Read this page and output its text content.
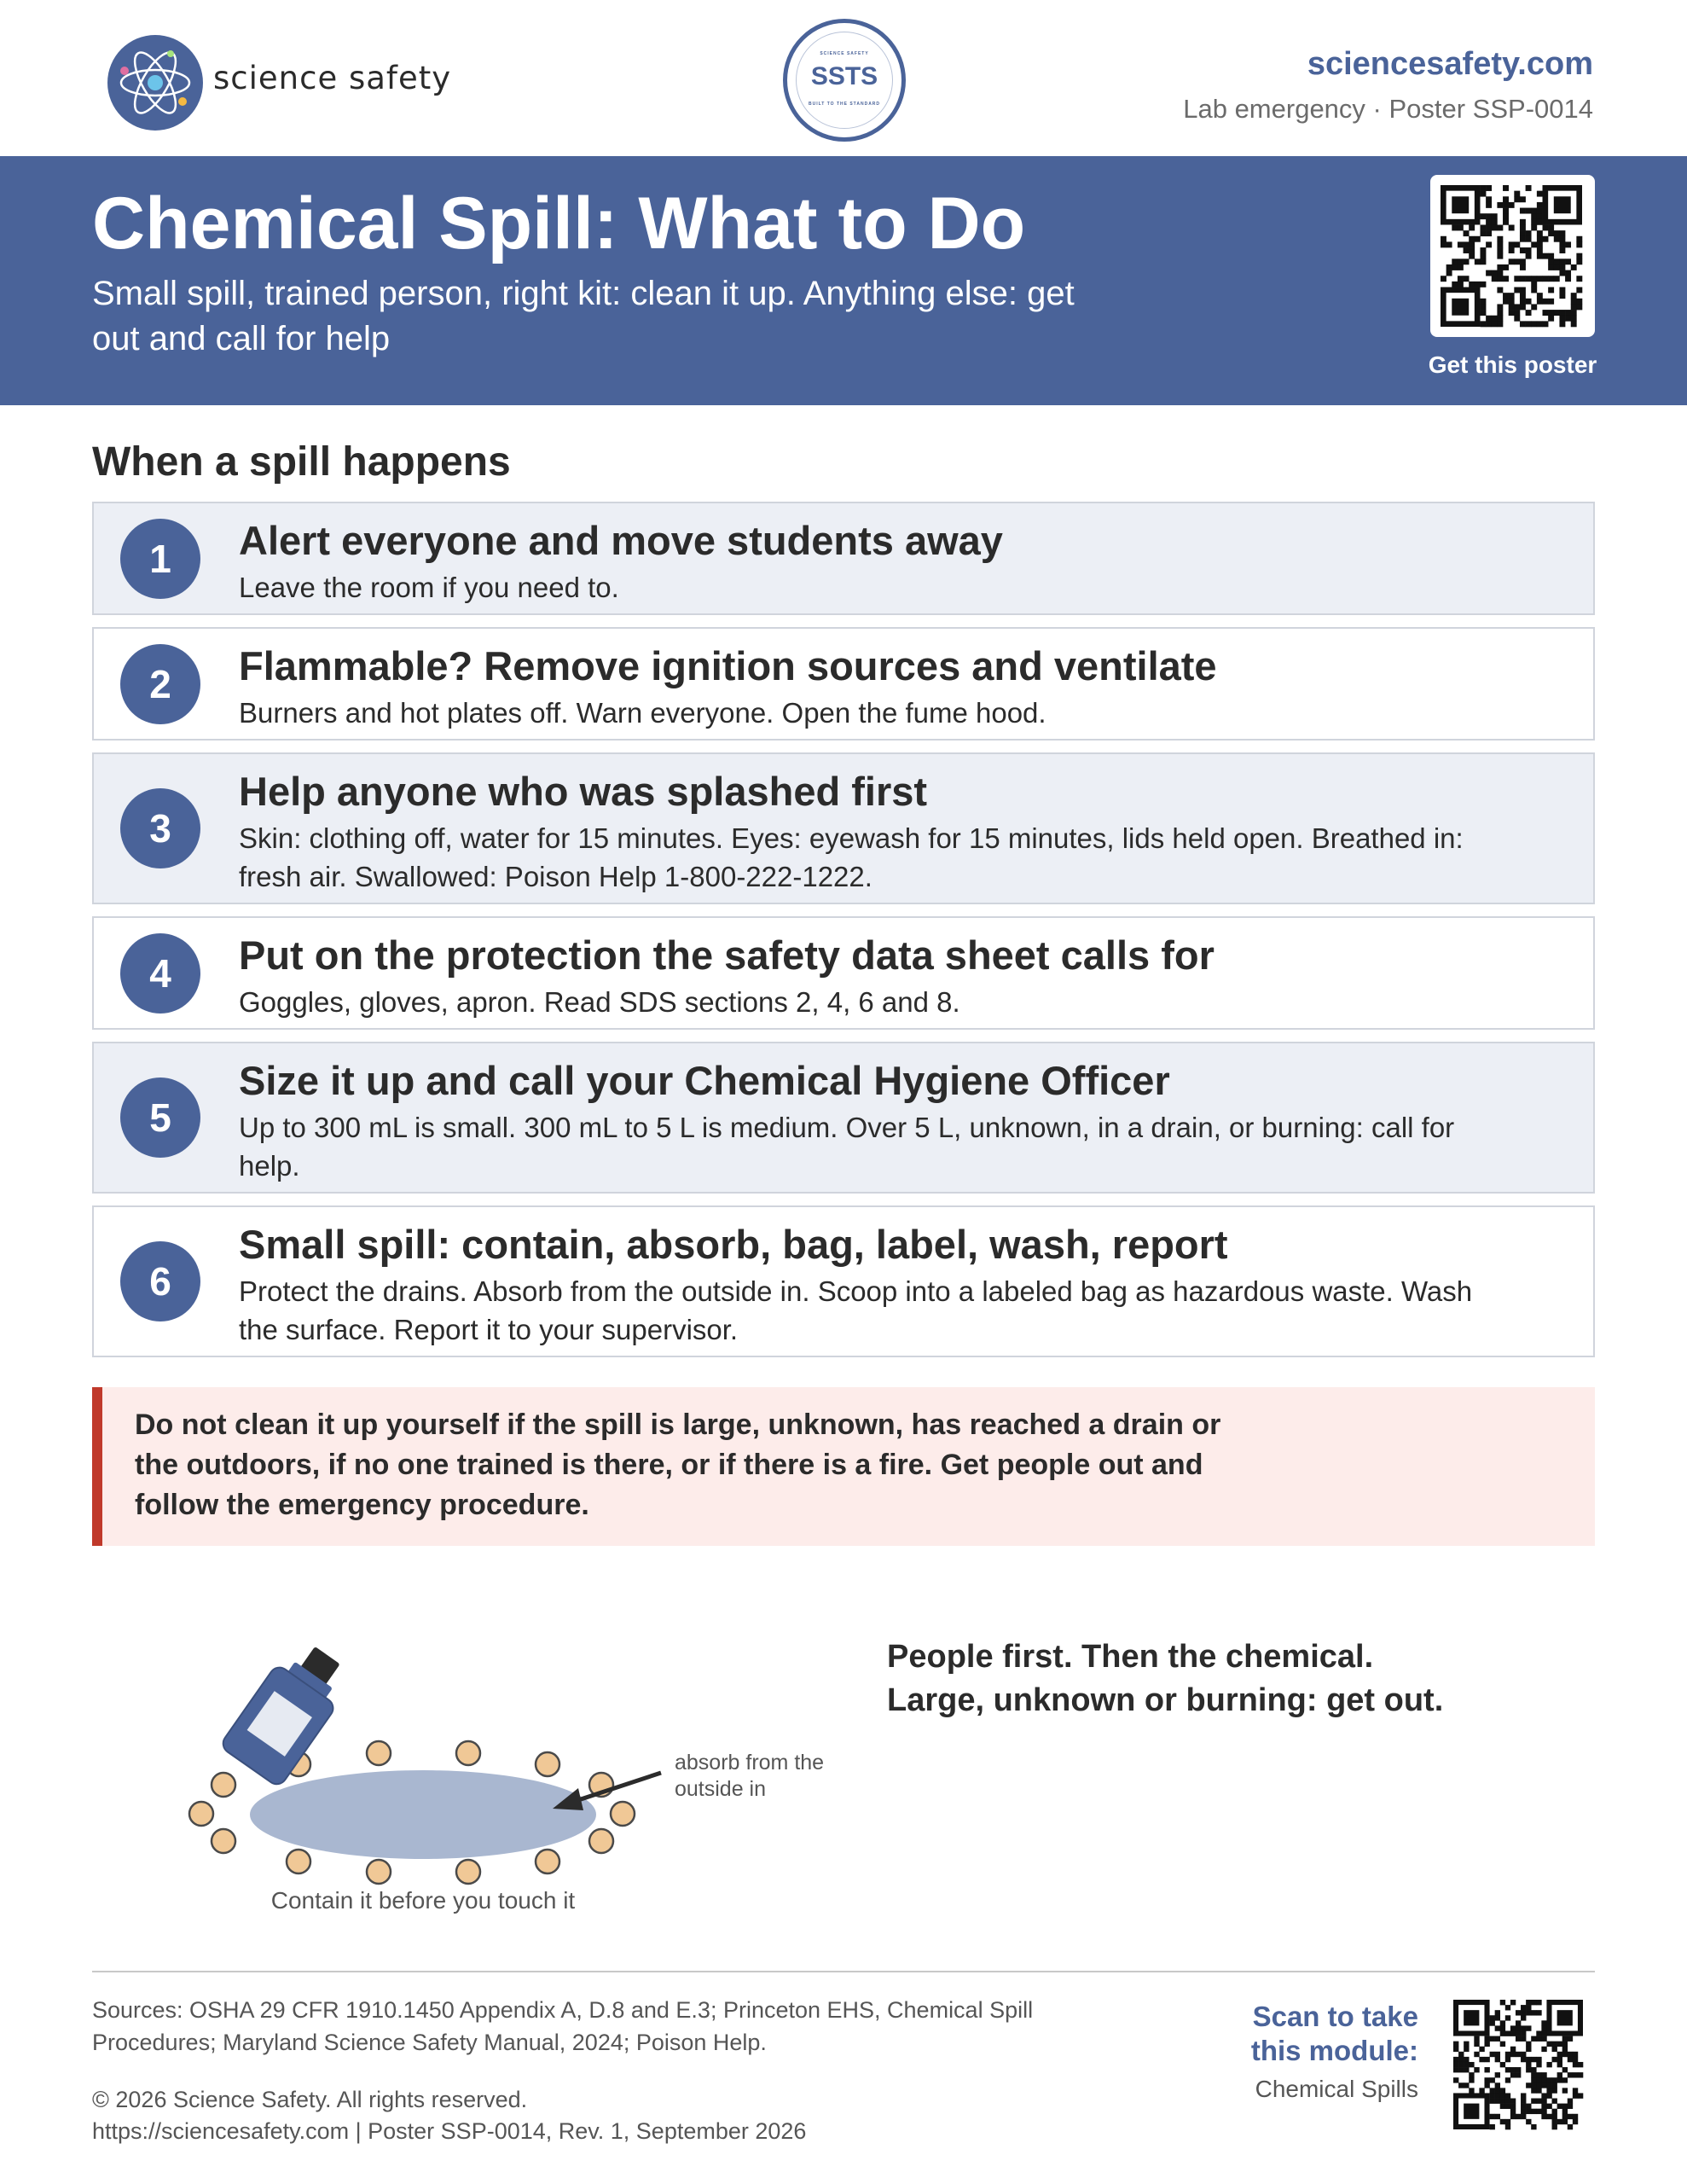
science safety
SCIENCE SAFETY
SSTS
BUILT TO THE STANDARD
sciencesafety.com
Lab emergency · Poster SSP-0014
Chemical Spill: What to Do
Small spill, trained person, right kit: clean it up. Anything else: get out and call for help
Get this poster
When a spill happens
1	Alert everyone and move students away
Leave the room if you need to.
2	Flammable? Remove ignition sources and ventilate
Burners and hot plates off. Warn everyone. Open the fume hood.
3
Help anyone who was splashed first
Skin: clothing off, water for 15 minutes. Eyes: eyewash for 15 minutes, lids held open. Breathed in: fresh air. Swallowed: Poison Help 1-800-222-1222.
4	Put on the protection the safety data sheet calls for
Goggles, gloves, apron. Read SDS sections 2, 4, 6 and 8.
5
Size it up and call your Chemical Hygiene Officer
Up to 300 mL is small. 300 mL to 5 L is medium. Over 5 L, unknown, in a drain, or burning: call for help.
6
Small spill: contain, absorb, bag, label, wash, report
Protect the drains. Absorb from the outside in. Scoop into a labeled bag as hazardous waste. Wash the surface. Report it to your supervisor.
Do not clean it up yourself if the spill is large, unknown, has reached a drain or the outdoors, if no one trained is there, or if there is a fire. Get people out and follow the emergency procedure.
absorb from the
outside in
Contain it before you touch it
People first. Then the chemical.
Large, unknown or burning: get out.
Sources: OSHA 29 CFR 1910.1450 Appendix A, D.8 and E.3; Princeton EHS, Chemical Spill Procedures; Maryland Science Safety Manual, 2024; Poison Help.
© 2026 Science Safety. All rights reserved.
https://sciencesafety.com | Poster SSP-0014, Rev. 1, September 2026
Scan to take
this module:
Chemical Spills
